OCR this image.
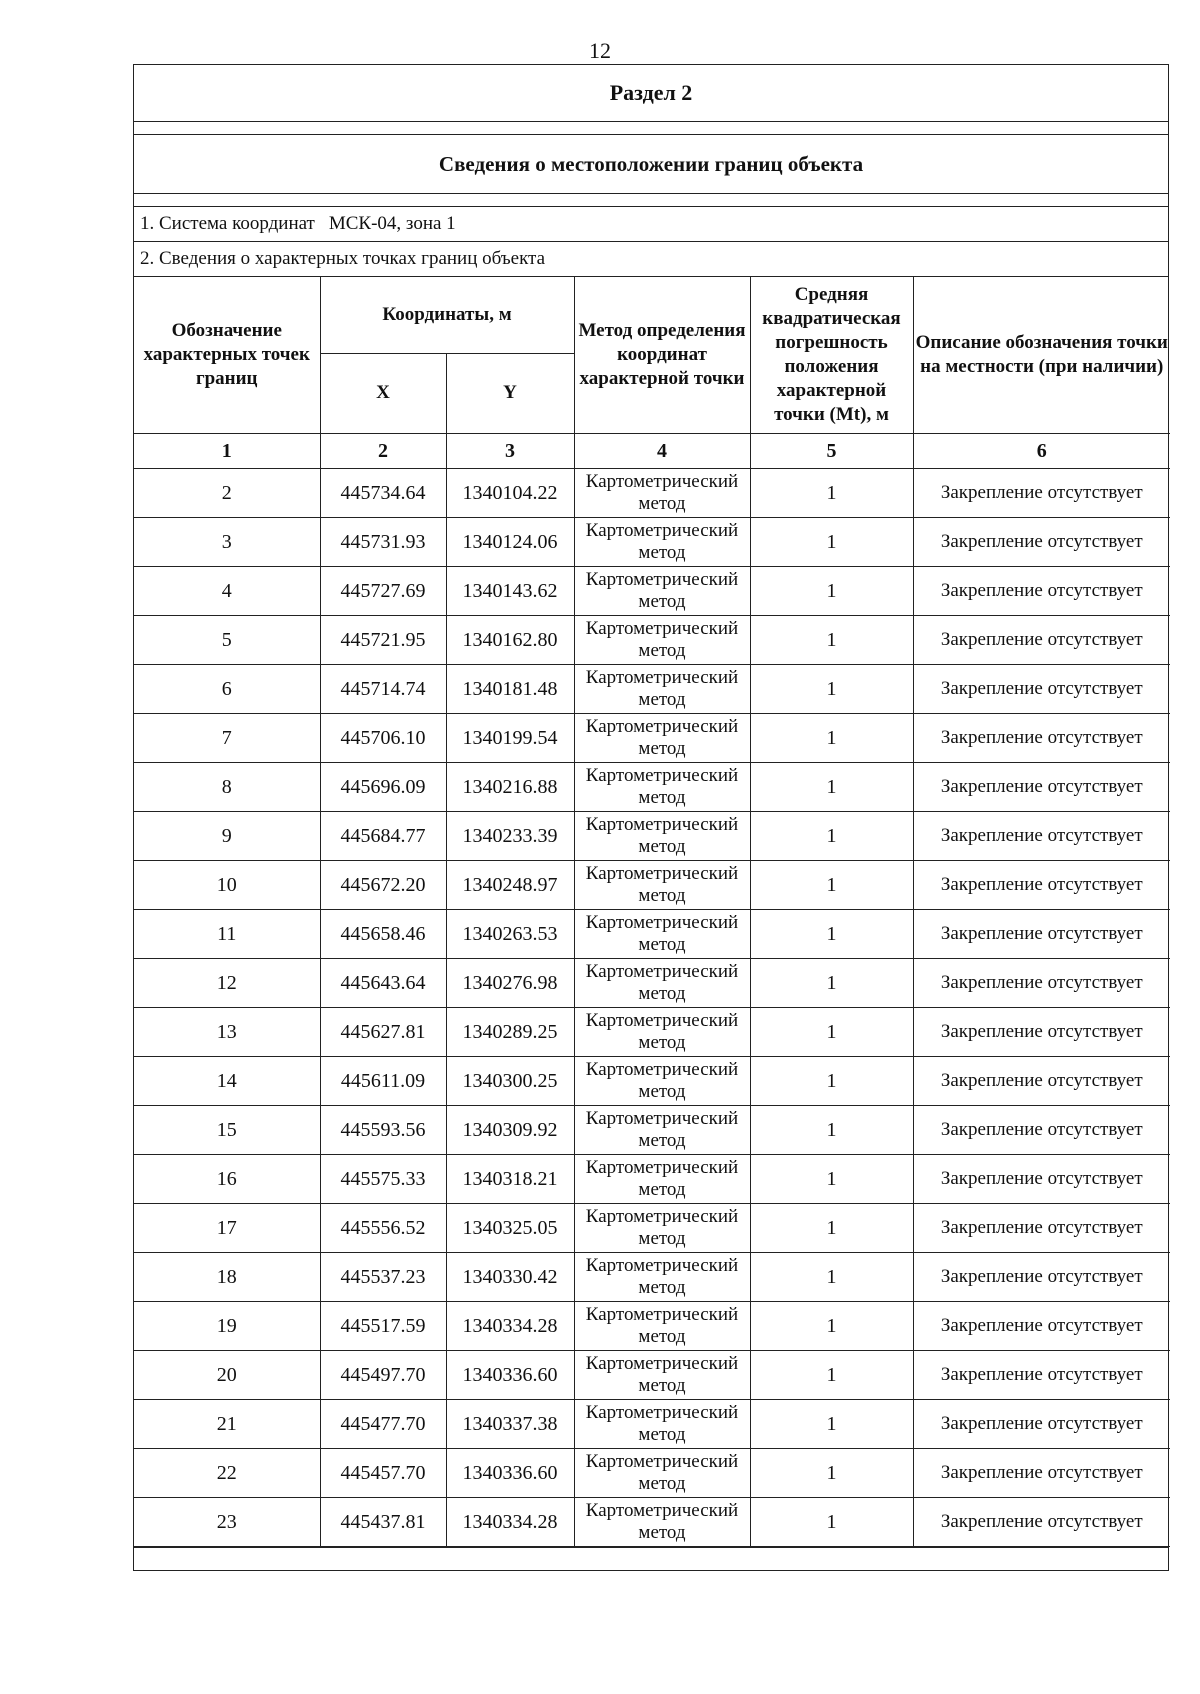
12
Раздел 2
Сведения о местоположении границ объекта
1. Система координат МСК-04, зона 1
2. Сведения о характерных точках границ объекта
Обозначение характерных точек границ	Координаты, м		Метод определения координат характерной точки	Средняя квадратическая погрешность положения характерной точки (Mt), м	Описание обозначения точки на местности (при наличии)
	X	Y			
1	2	3	4	5	6
2	445734.64	1340104.22	Картометрический метод	1	Закрепление отсутствует
3	445731.93	1340124.06	Картометрический метод	1	Закрепление отсутствует
4	445727.69	1340143.62	Картометрический метод	1	Закрепление отсутствует
5	445721.95	1340162.80	Картометрический метод	1	Закрепление отсутствует
6	445714.74	1340181.48	Картометрический метод	1	Закрепление отсутствует
7	445706.10	1340199.54	Картометрический метод	1	Закрепление отсутствует
8	445696.09	1340216.88	Картометрический метод	1	Закрепление отсутствует
9	445684.77	1340233.39	Картометрический метод	1	Закрепление отсутствует
10	445672.20	1340248.97	Картометрический метод	1	Закрепление отсутствует
11	445658.46	1340263.53	Картометрический метод	1	Закрепление отсутствует
12	445643.64	1340276.98	Картометрический метод	1	Закрепление отсутствует
13	445627.81	1340289.25	Картометрический метод	1	Закрепление отсутствует
14	445611.09	1340300.25	Картометрический метод	1	Закрепление отсутствует
15	445593.56	1340309.92	Картометрический метод	1	Закрепление отсутствует
16	445575.33	1340318.21	Картометрический метод	1	Закрепление отсутствует
17	445556.52	1340325.05	Картометрический метод	1	Закрепление отсутствует
18	445537.23	1340330.42	Картометрический метод	1	Закрепление отсутствует
19	445517.59	1340334.28	Картометрический метод	1	Закрепление отсутствует
20	445497.70	1340336.60	Картометрический метод	1	Закрепление отсутствует
21	445477.70	1340337.38	Картометрический метод	1	Закрепление отсутствует
22	445457.70	1340336.60	Картометрический метод	1	Закрепление отсутствует
23	445437.81	1340334.28	Картометрический метод	1	Закрепление отсутствует
